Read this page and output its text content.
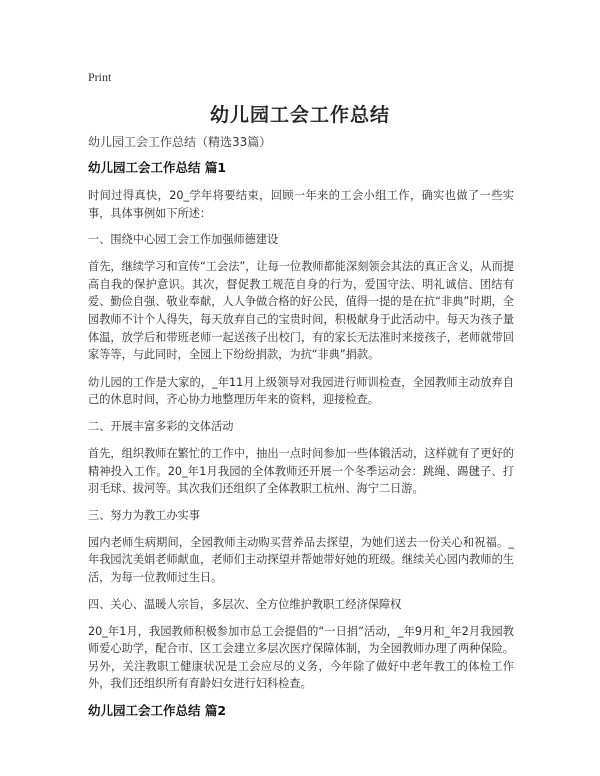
Print
幼儿园工会工作总结
幼儿园工会工作总结（精选33篇）
幼儿园工会工作总结 篇1
时间过得真快，20_学年将要结束，回顾一年来的工会小组工作，确实也做了一些实事，具体事例如下所述：
一、围绕中心园工会工作加强师德建设
首先，继续学习和宣传“工会法”，让每一位教师都能深刻领会其法的真正含义，从而提高自我的保护意识。其次，督促教工规范自身的行为，爱国守法、明礼诚信、团结有爱、勤俭自强、敬业奉献，人人争做合格的好公民，值得一提的是在抗“非典”时期，全园教师不计个人得失，每天放弃自己的宝贵时间，积极献身于此活动中。每天为孩子量体温，放学后和带班老师一起送孩子出校门，有的家长无法准时来接孩子，老师就带回家等等，与此同时，全园上下纷纷捐款，为抗“非典”捐款。
幼儿园的工作是大家的，_年11月上级领导对我园进行师训检查，全园教师主动放弃自己的休息时间，齐心协力地整理历年来的资料，迎接检查。
二、开展丰富多彩的文体活动
首先，组织教师在繁忙的工作中，抽出一点时间参加一些体锻活动，这样就有了更好的精神投入工作。20_年1月我园的全体教师还开展一个冬季运动会：跳绳、踢毽子、打羽毛球、拔河等。其次我们还组织了全体教职工杭州、海宁二日游。
三、努力为教工办实事
园内老师生病期间，全园教师主动购买营养品去探望，为她们送去一份关心和祝福。_年我园沈美娟老师献血，老师们主动探望并帮她带好她的班级。继续关心园内教师的生活，为每一位教师过生日。
四、关心、温暖人宗旨，多层次、全方位维护教职工经济保障权
20_年1月，我园教师积极参加市总工会提倡的“一日捐”活动，_年9月和_年2月我园教师爱心助学，配合市、区工会建立多层次医疗保障体制，为全园教师办理了两种保险。另外，关注教职工健康状况是工会应尽的义务，今年除了做好中老年教工的体检工作外，我们还组织所有育龄妇女进行妇科检查。
幼儿园工会工作总结 篇2
